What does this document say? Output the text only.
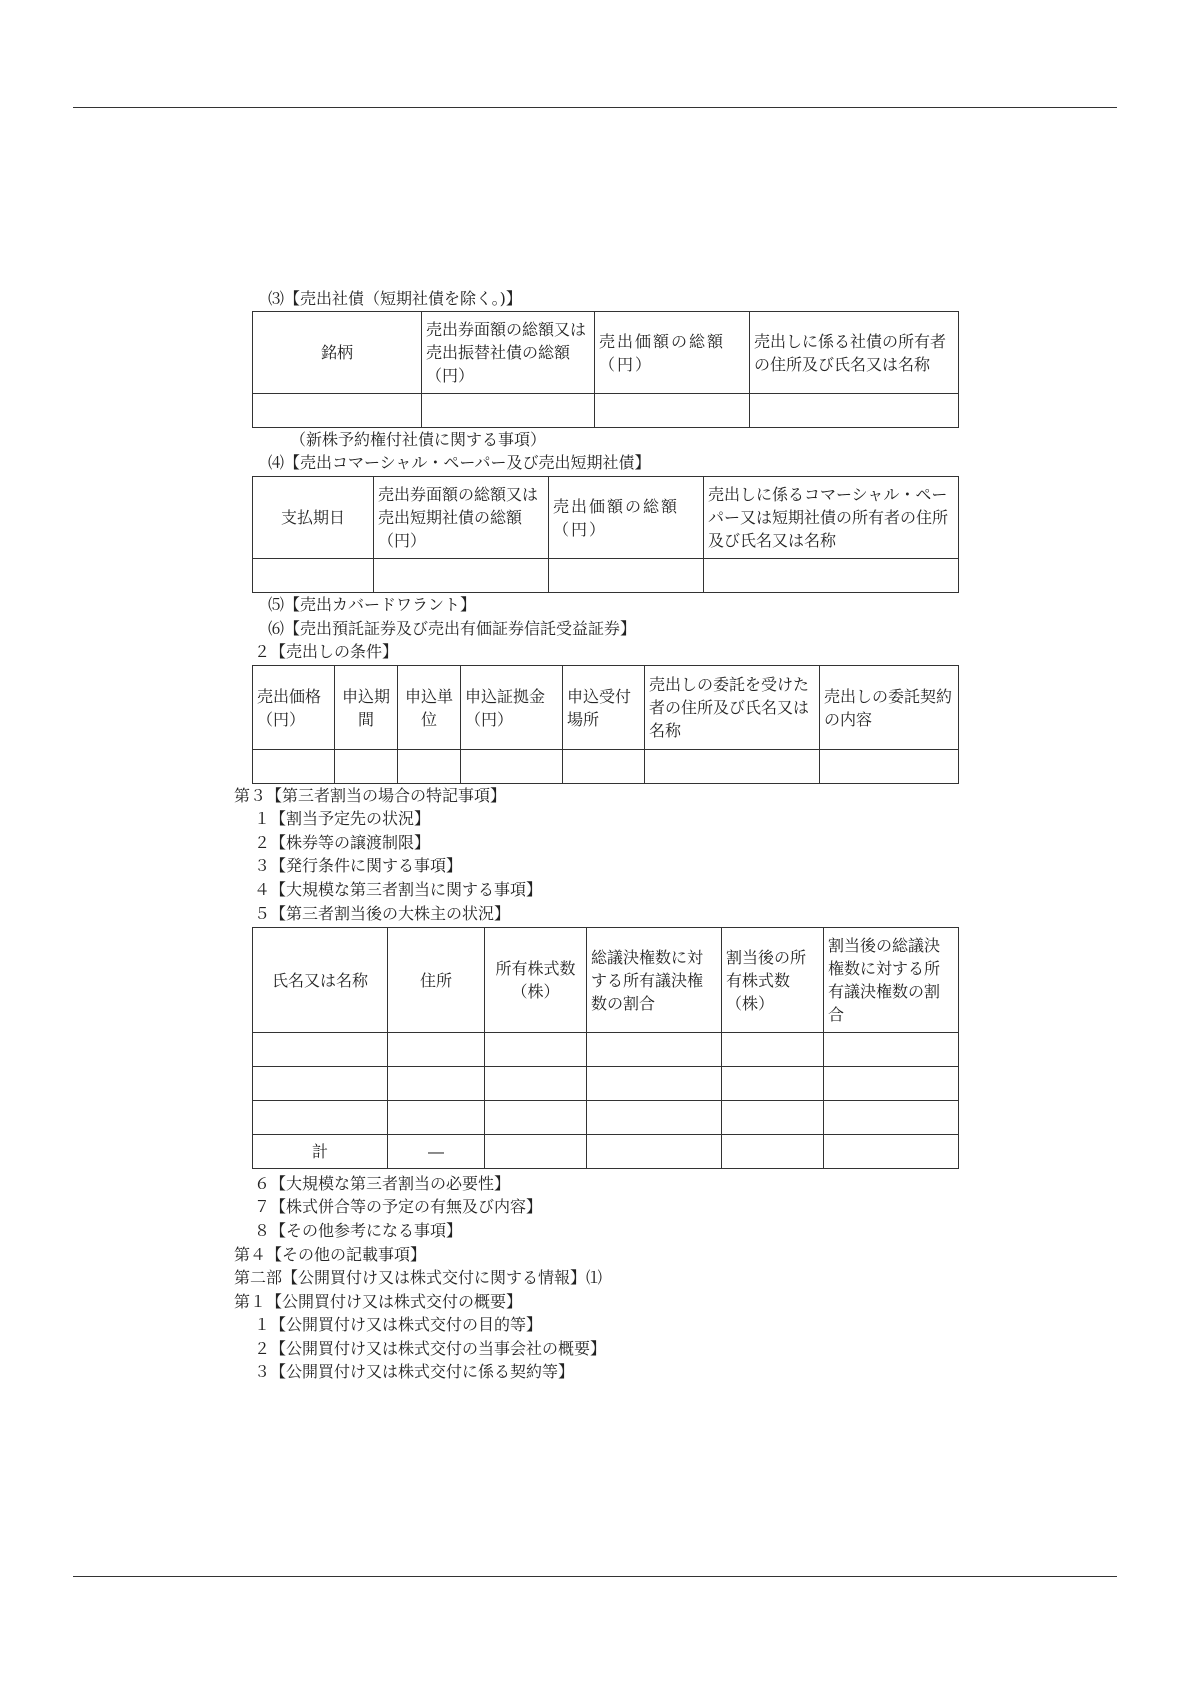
⑶【売出社債（短期社債を除く。)】
銘柄	売出券面額の総額又は売出振替社債の総額（円）	売出価額の総額（円）	売出しに係る社債の所有者の住所及び氏名又は名称

（新株予約権付社債に関する事項）
⑷【売出コマーシャル・ペーパー及び売出短期社債】
支払期日	売出券面額の総額又は売出短期社債の総額（円）	売出価額の総額（円）	売出しに係るコマーシャル・ペーパー又は短期社債の所有者の住所及び氏名又は名称

⑸【売出カバードワラント】
⑹【売出預託証券及び売出有価証券信託受益証券】
２【売出しの条件】
売出価格（円）	申込期間	申込単位	申込証拠金（円）	申込受付場所	売出しの委託を受けた者の住所及び氏名又は名称	売出しの委託契約の内容

第３【第三者割当の場合の特記事項】
１【割当予定先の状況】
２【株券等の譲渡制限】
３【発行条件に関する事項】
４【大規模な第三者割当に関する事項】
５【第三者割当後の大株主の状況】
氏名又は名称	住所	所有株式数（株）	総議決権数に対する所有議決権数の割合	割当後の所有株式数（株）	割当後の総議決権数に対する所有議決権数の割合

計	―				
６【大規模な第三者割当の必要性】
７【株式併合等の予定の有無及び内容】
８【その他参考になる事項】
第４【その他の記載事項】
第二部【公開買付け又は株式交付に関する情報】⑴
第１【公開買付け又は株式交付の概要】
１【公開買付け又は株式交付の目的等】
２【公開買付け又は株式交付の当事会社の概要】
３【公開買付け又は株式交付に係る契約等】
